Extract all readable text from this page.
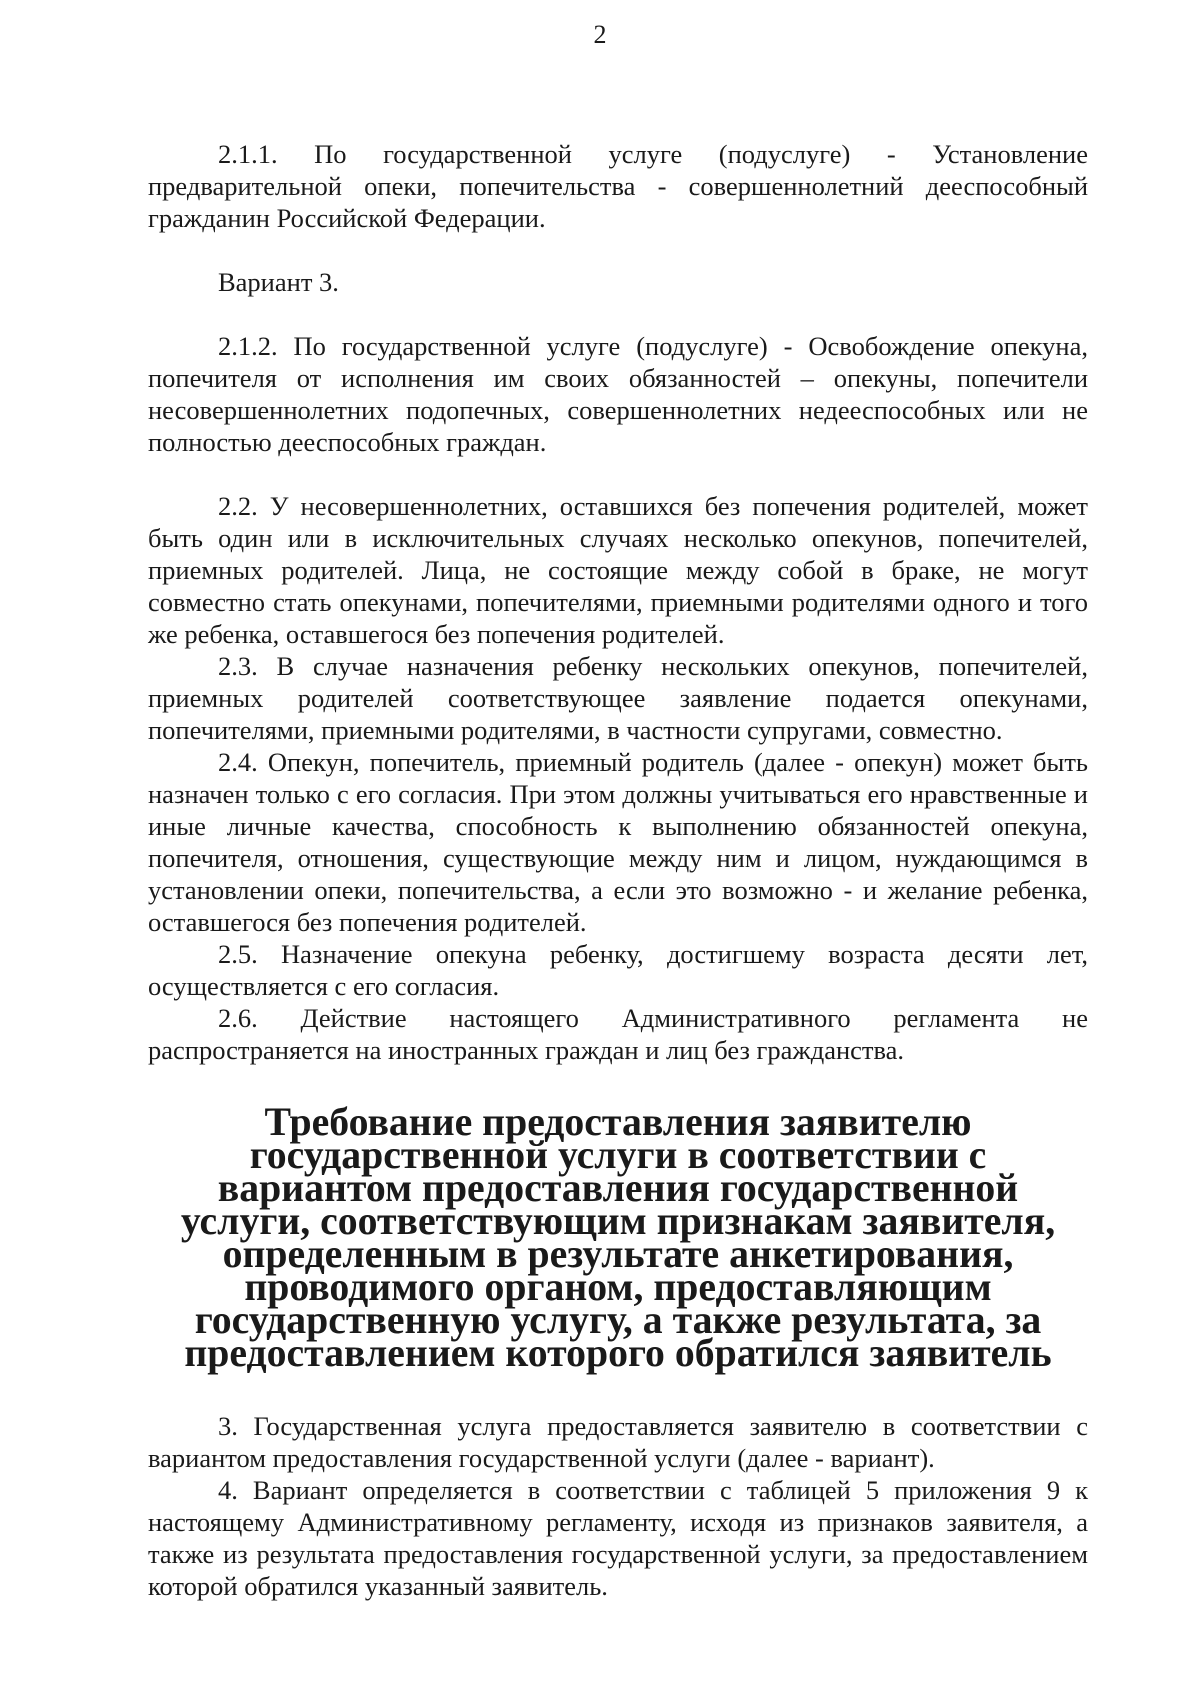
2

2.1.1. По государственной услуге (подуслуге) - Установление предварительной опеки, попечительства - совершеннолетний дееспособный гражданин Российской Федерации.

Вариант 3.

2.1.2. По государственной услуге (подуслуге) - Освобождение опекуна, попечителя от исполнения им своих обязанностей – опекуны, попечители несовершеннолетних подопечных, совершеннолетних недееспособных или не полностью дееспособных граждан.

2.2. У несовершеннолетних, оставшихся без попечения родителей, может быть один или в исключительных случаях несколько опекунов, попечителей, приемных родителей. Лица, не состоящие между собой в браке, не могут совместно стать опекунами, попечителями, приемными родителями одного и того же ребенка, оставшегося без попечения родителей.

2.3. В случае назначения ребенку нескольких опекунов, попечителей, приемных родителей соответствующее заявление подается опекунами, попечителями, приемными родителями, в частности супругами, совместно.

2.4. Опекун, попечитель, приемный родитель (далее - опекун) может быть назначен только с его согласия. При этом должны учитываться его нравственные и иные личные качества, способность к выполнению обязанностей опекуна, попечителя, отношения, существующие между ним и лицом, нуждающимся в установлении опеки, попечительства, а если это возможно - и желание ребенка, оставшегося без попечения родителей.

2.5. Назначение опекуна ребенку, достигшему возраста десяти лет, осуществляется с его согласия.

2.6. Действие настоящего Административного регламента не распространяется на иностранных граждан и лиц без гражданства.

Требование предоставления заявителю государственной услуги в соответствии с вариантом предоставления государственной услуги, соответствующим признакам заявителя, определенным в результате анкетирования, проводимого органом, предоставляющим государственную услугу, а также результата, за предоставлением которого обратился заявитель

3. Государственная услуга предоставляется заявителю в соответствии с вариантом предоставления государственной услуги (далее - вариант).

4. Вариант определяется в соответствии с таблицей 5 приложения 9 к настоящему Административному регламенту, исходя из признаков заявителя, а также из результата предоставления государственной услуги, за предоставлением которой обратился указанный заявитель.
